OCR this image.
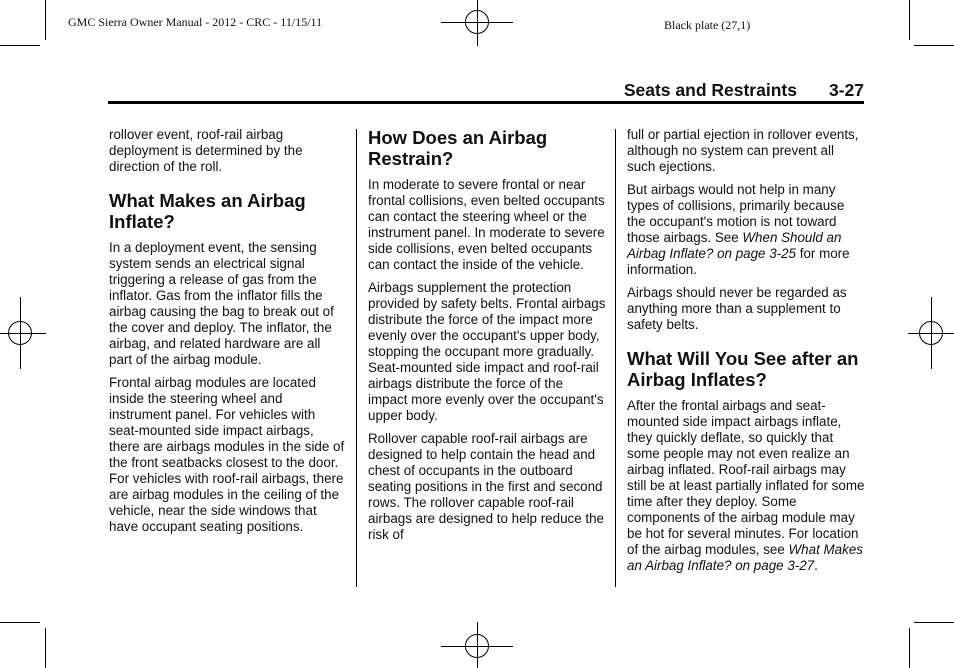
GMC Sierra Owner Manual - 2012 - CRC - 11/15/11	Black plate (27,1)
Seats and Restraints 3-27

rollover event, roof-rail airbag deployment is determined by the direction of the roll.

What Makes an Airbag Inflate?

In a deployment event, the sensing system sends an electrical signal triggering a release of gas from the inflator. Gas from the inflator fills the airbag causing the bag to break out of the cover and deploy. The inflator, the airbag, and related hardware are all part of the airbag module.

Frontal airbag modules are located inside the steering wheel and instrument panel. For vehicles with seat-mounted side impact airbags, there are airbags modules in the side of the front seatbacks closest to the door. For vehicles with roof-rail airbags, there are airbag modules in the ceiling of the vehicle, near the side windows that have occupant seating positions.

How Does an Airbag Restrain?

In moderate to severe frontal or near frontal collisions, even belted occupants can contact the steering wheel or the instrument panel. In moderate to severe side collisions, even belted occupants can contact the inside of the vehicle.

Airbags supplement the protection provided by safety belts. Frontal airbags distribute the force of the impact more evenly over the occupant's upper body, stopping the occupant more gradually. Seat-mounted side impact and roof-rail airbags distribute the force of the impact more evenly over the occupant's upper body.

Rollover capable roof-rail airbags are designed to help contain the head and chest of occupants in the outboard seating positions in the first and second rows. The rollover capable roof-rail airbags are designed to help reduce the risk of

full or partial ejection in rollover events, although no system can prevent all such ejections.

But airbags would not help in many types of collisions, primarily because the occupant's motion is not toward those airbags. See When Should an Airbag Inflate? on page 3-25 for more information.

Airbags should never be regarded as anything more than a supplement to safety belts.

What Will You See after an Airbag Inflates?

After the frontal airbags and seat-mounted side impact airbags inflate, they quickly deflate, so quickly that some people may not even realize an airbag inflated. Roof-rail airbags may still be at least partially inflated for some time after they deploy. Some components of the airbag module may be hot for several minutes. For location of the airbag modules, see What Makes an Airbag Inflate? on page 3-27.
